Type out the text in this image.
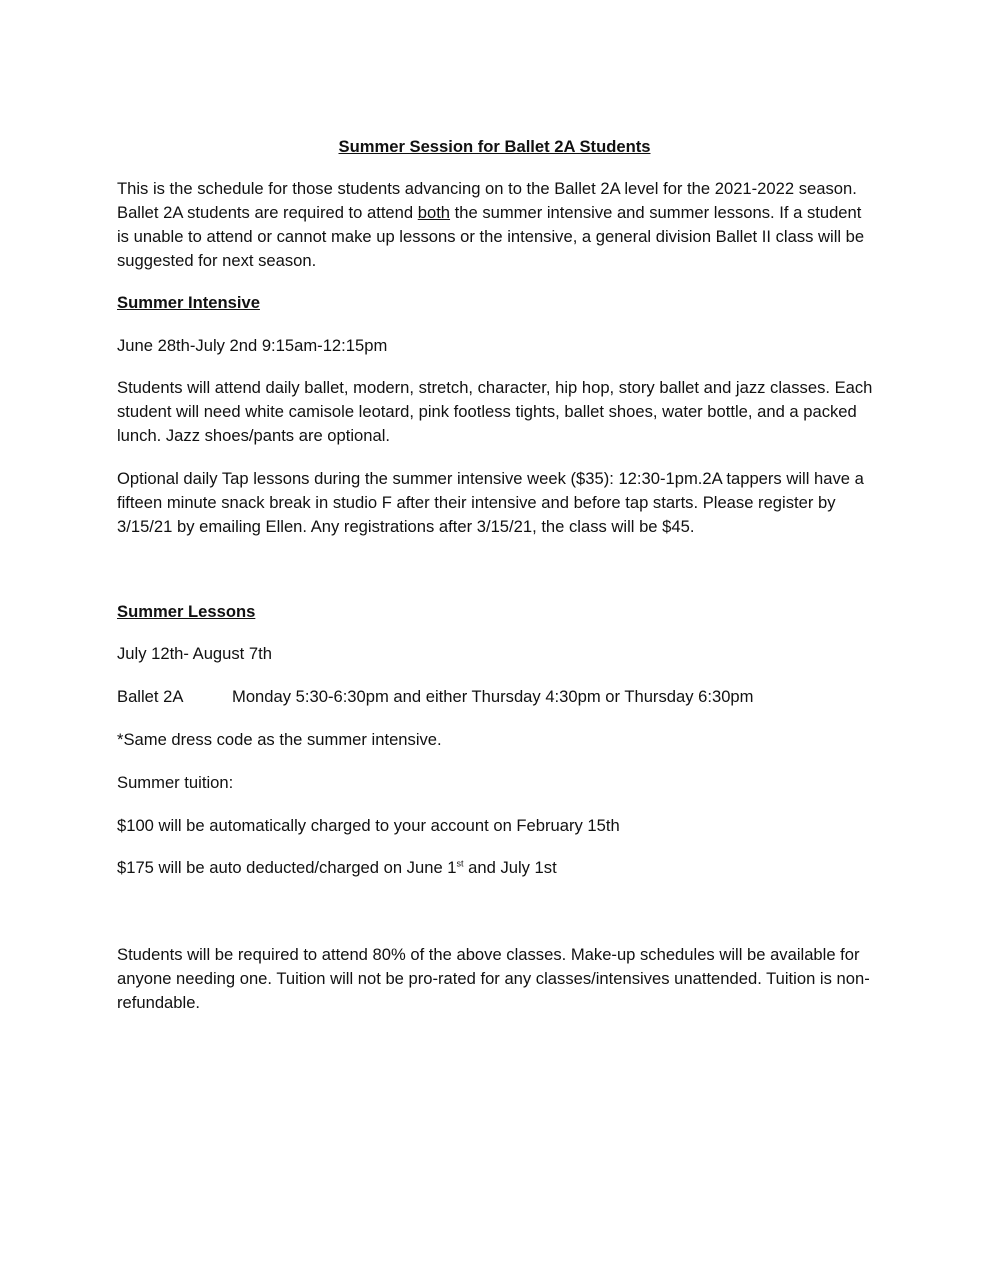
Summer Session for Ballet 2A Students

This is the schedule for those students advancing on to the Ballet 2A level for the 2021-2022 season. Ballet 2A students are required to attend both the summer intensive and summer lessons. If a student is unable to attend or cannot make up lessons or the intensive, a general division Ballet II class will be suggested for next season.

Summer Intensive
June 28th-July 2nd 9:15am-12:15pm

Students will attend daily ballet, modern, stretch, character, hip hop, story ballet and jazz classes. Each student will need white camisole leotard, pink footless tights, ballet shoes, water bottle, and a packed lunch. Jazz shoes/pants are optional.

Optional daily Tap lessons during the summer intensive week ($35): 12:30-1pm.2A tappers will have a fifteen minute snack break in studio F after their intensive and before tap starts. Please register by 3/15/21 by emailing Ellen. Any registrations after 3/15/21, the class will be $45.

Summer Lessons
July 12th- August 7th
Ballet 2A	Monday 5:30-6:30pm and either Thursday 4:30pm or Thursday 6:30pm
*Same dress code as the summer intensive.
Summer tuition:
$100 will be automatically charged to your account on February 15th
$175 will be auto deducted/charged on June 1st and July 1st

Students will be required to attend 80% of the above classes. Make-up schedules will be available for anyone needing one. Tuition will not be pro-rated for any classes/intensives unattended. Tuition is non-refundable.
